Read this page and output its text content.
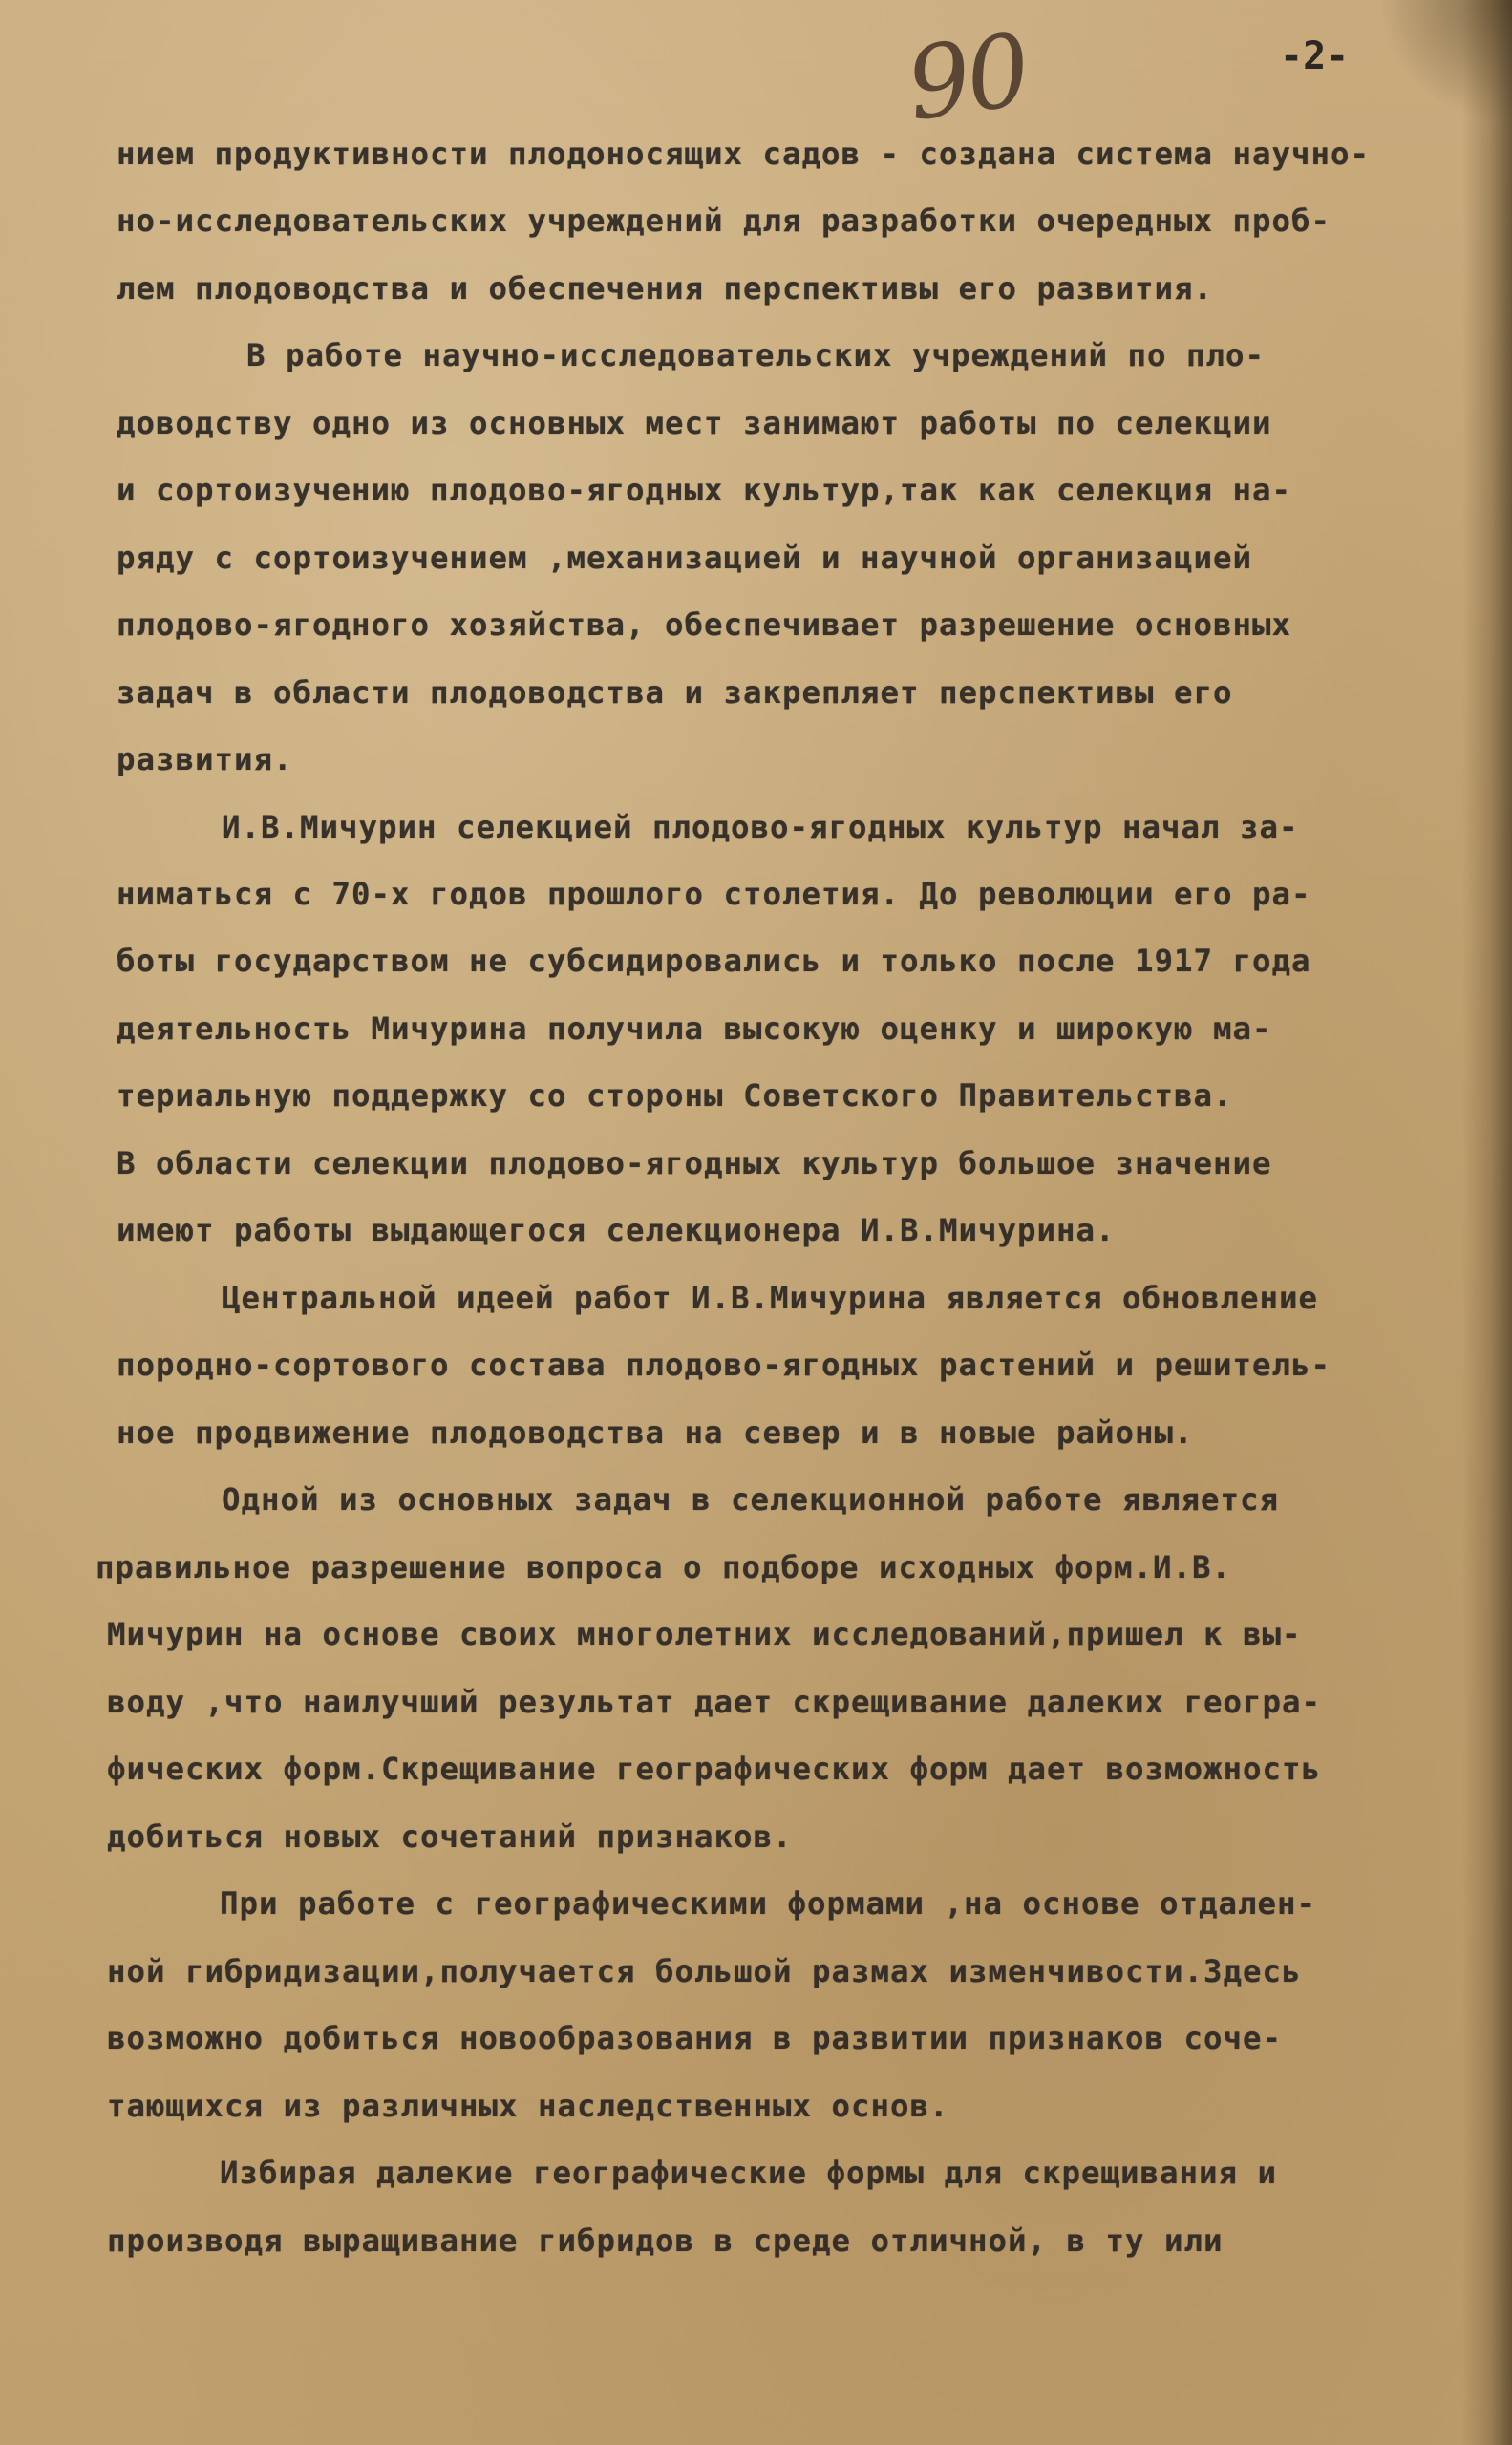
90	-2-
нием продуктивности плодоносящих садов - создана система научно-
но-исследовательских учреждений для разработки очередных проб-
лем плодоводства и обеспечения перспективы его развития.
В работе научно-исследовательских учреждений по пло-
доводству одно из основных мест занимают работы по селекции
и сортоизучению плодово-ягодных культур,так как селекция на-
ряду с сортоизучением ,механизацией и научной организацией
плодово-ягодного хозяйства, обеспечивает разрешение основных
задач в области плодоводства и закрепляет перспективы его
развития.
И.В.Мичурин селекцией плодово-ягодных культур начал за-
ниматься с 70-х годов прошлого столетия. До революции его ра-
боты государством не субсидировались и только после 1917 года
деятельность Мичурина получила высокую оценку и широкую ма-
териальную поддержку со стороны Советского Правительства.
В области селекции плодово-ягодных культур большое значение
имеют работы выдающегося селекционера И.В.Мичурина.
Центральной идеей работ И.В.Мичурина является обновление
породно-сортового состава плодово-ягодных растений и решитель-
ное продвижение плодоводства на север и в новые районы.
Одной из основных задач в селекционной работе является
правильное разрешение вопроса о подборе исходных форм.И.В.
Мичурин на основе своих многолетних исследований,пришел к вы-
воду ,что наилучший результат дает скрещивание далеких геогра-
фических форм.Скрещивание географических форм дает возможность
добиться новых сочетаний признаков.
При работе с географическими формами ,на основе отдален-
ной гибридизации,получается большой размах изменчивости.Здесь
возможно добиться новообразования в развитии признаков соче-
тающихся из различных наследственных основ.
Избирая далекие географические формы для скрещивания и
производя выращивание гибридов в среде отличной, в ту или
